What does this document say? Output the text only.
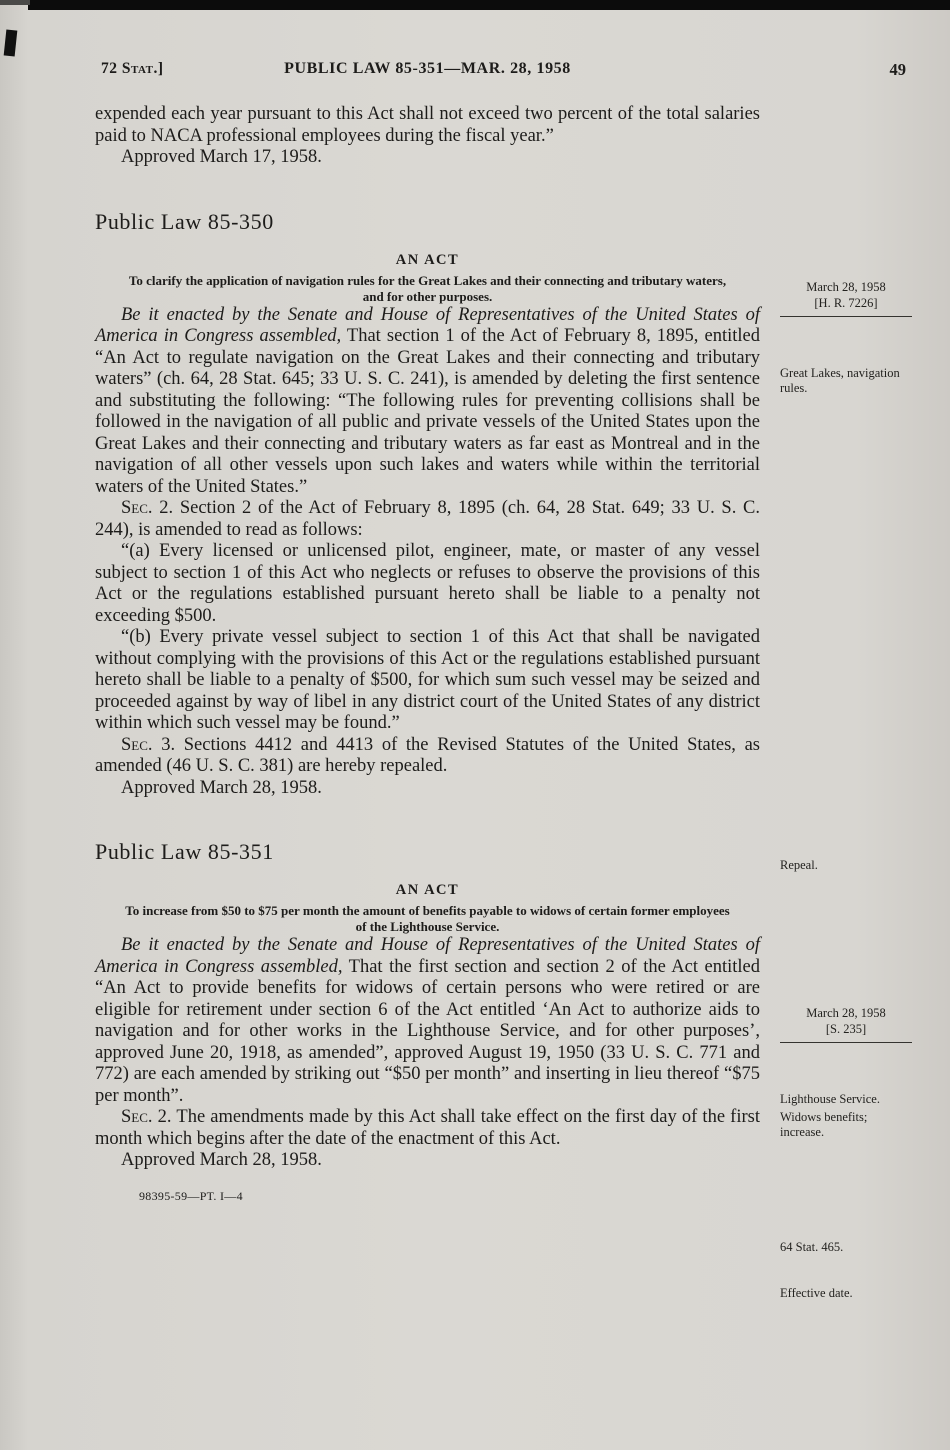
72 Stat.]	PUBLIC LAW 85-351—MAR. 28, 1958	49

expended each year pursuant to this Act shall not exceed two percent of the total salaries paid to NACA professional employees during the fiscal year.”

Approved March 17, 1958.

Public Law 85-350
AN ACT
To clarify the application of navigation rules for the Great Lakes and their connecting and tributary waters, and for other purposes.

Be it enacted by the Senate and House of Representatives of the United States of America in Congress assembled, That section 1 of the Act of February 8, 1895, entitled “An Act to regulate navigation on the Great Lakes and their connecting and tributary waters” (ch. 64, 28 Stat. 645; 33 U. S. C. 241), is amended by deleting the first sentence and substituting the following: “The following rules for preventing collisions shall be followed in the navigation of all public and private vessels of the United States upon the Great Lakes and their connecting and tributary waters as far east as Montreal and in the navigation of all other vessels upon such lakes and waters while within the territorial waters of the United States.”

Sec. 2. Section 2 of the Act of February 8, 1895 (ch. 64, 28 Stat. 649; 33 U. S. C. 244), is amended to read as follows:

“(a) Every licensed or unlicensed pilot, engineer, mate, or master of any vessel subject to section 1 of this Act who neglects or refuses to observe the provisions of this Act or the regulations established pursuant hereto shall be liable to a penalty not exceeding $500.

“(b) Every private vessel subject to section 1 of this Act that shall be navigated without complying with the provisions of this Act or the regulations established pursuant hereto shall be liable to a penalty of $500, for which sum such vessel may be seized and proceeded against by way of libel in any district court of the United States of any district within which such vessel may be found.”

Sec. 3. Sections 4412 and 4413 of the Revised Statutes of the United States, as amended (46 U. S. C. 381) are hereby repealed.

Approved March 28, 1958.

Public Law 85-351
AN ACT
To increase from $50 to $75 per month the amount of benefits payable to widows of certain former employees of the Lighthouse Service.

Be it enacted by the Senate and House of Representatives of the United States of America in Congress assembled, That the first section and section 2 of the Act entitled “An Act to provide benefits for widows of certain persons who were retired or are eligible for retirement under section 6 of the Act entitled ‘An Act to authorize aids to navigation and for other works in the Lighthouse Service, and for other purposes’, approved June 20, 1918, as amended”, approved August 19, 1950 (33 U. S. C. 771 and 772) are each amended by striking out “$50 per month” and inserting in lieu thereof “$75 per month”.

Sec. 2. The amendments made by this Act shall take effect on the first day of the first month which begins after the date of the enactment of this Act.

Approved March 28, 1958.

98395-59—PT. I—4
March 28, 1958
[H. R. 7226]
Great Lakes, navigation rules.
Repeal.
March 28, 1958
[S. 235]
Lighthouse Service.
Widows benefits; increase.
64 Stat. 465.
Effective date.
